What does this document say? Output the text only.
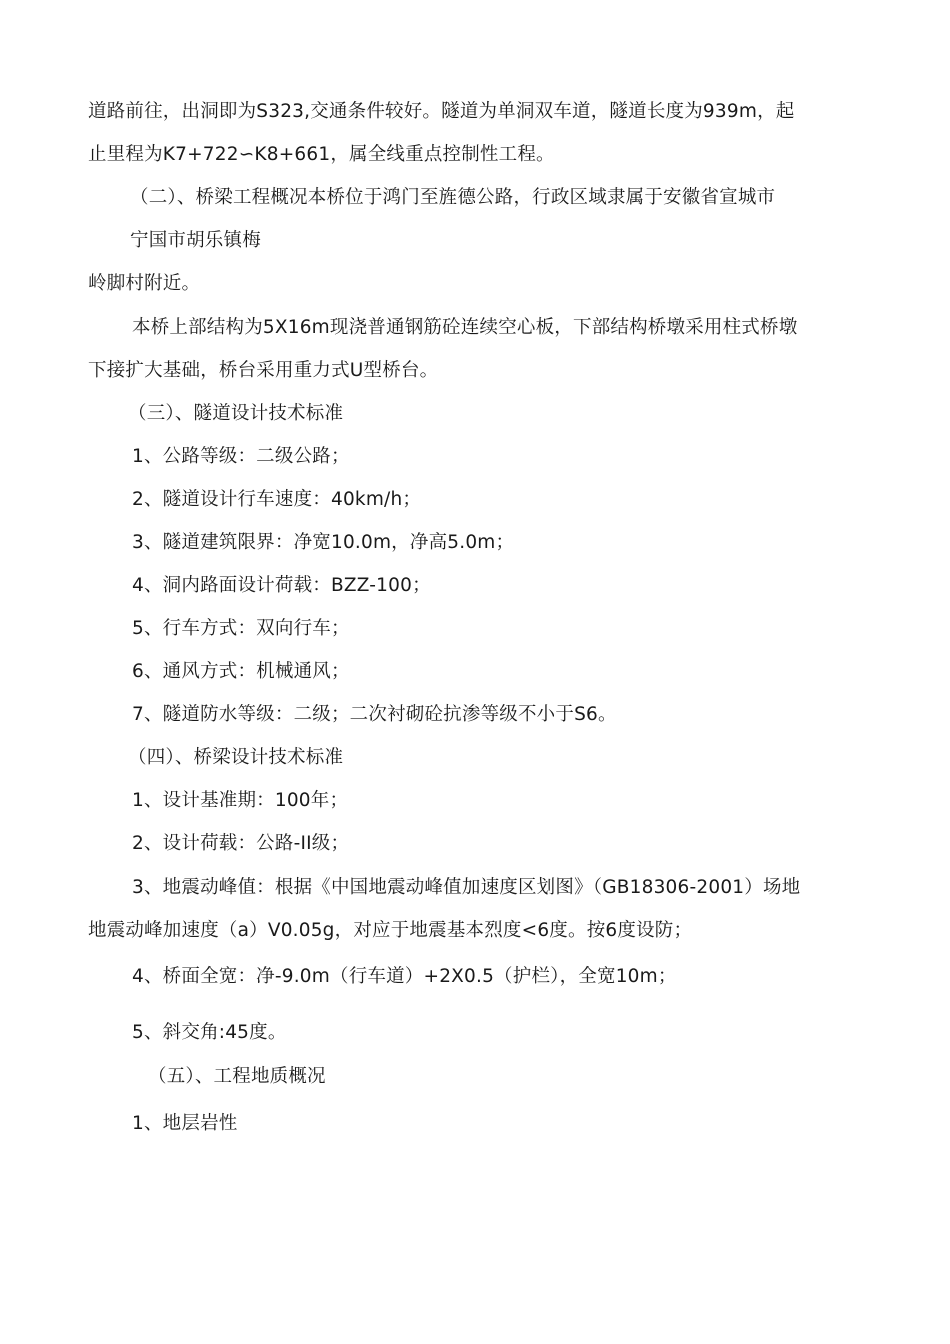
道路前往，出洞即为S323,交通条件较好。隧道为单洞双车道，隧道长度为939m，起
止里程为K7+722∽K8+661，属全线重点控制性工程。
（二）、桥梁工程概况本桥位于鸿门至旌德公路，行政区域隶属于安徽省宣城市
宁国市胡乐镇梅
岭脚村附近。
本桥上部结构为5X16m现浇普通钢筋砼连续空心板，下部结构桥墩采用柱式桥墩
下接扩大基础，桥台采用重力式U型桥台。
（三）、隧道设计技术标准
1、公路等级：二级公路；
2、隧道设计行车速度：40km/h；
3、隧道建筑限界：净宽10.0m，净高5.0m；
4、洞内路面设计荷载：BZZ-100；
5、行车方式：双向行车；
6、通风方式：机械通风；
7、隧道防水等级：二级；二次衬砌砼抗渗等级不小于S6。
（四）、桥梁设计技术标准
1、设计基准期：100年；
2、设计荷载：公路-II级；
3、地震动峰值：根据《中国地震动峰值加速度区划图》（GB18306-2001）场地
地震动峰加速度（a）V0.05g，对应于地震基本烈度<6度。按6度设防；
4、桥面全宽：净-9.0m（行车道）+2X0.5（护栏），全宽10m；
5、斜交角:45度。
（五）、工程地质概况
1、地层岩性
